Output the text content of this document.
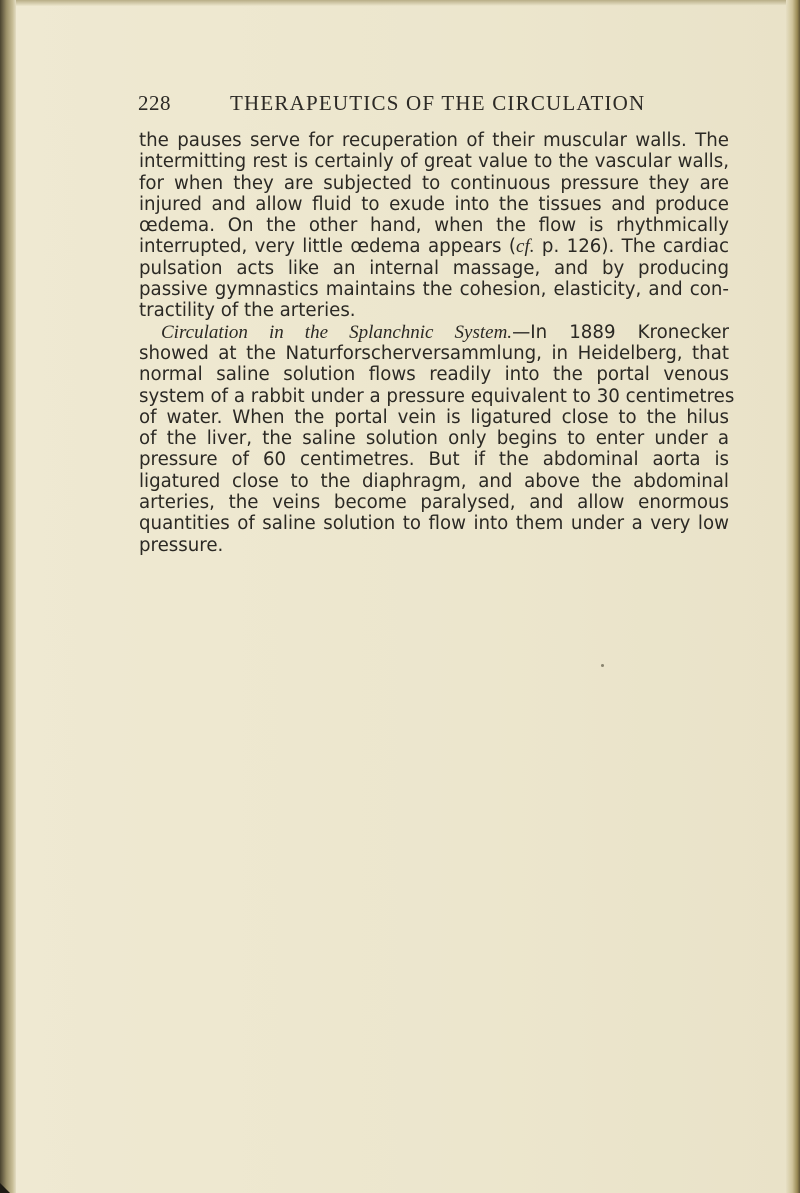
228	THERAPEUTICS OF THE CIRCULATION
the pauses serve for recuperation of their muscular walls. The
intermitting rest is certainly of great value to the vascular walls,
for when they are subjected to continuous pressure they are
injured and allow fluid to exude into the tissues and produce
œdema. On the other hand, when the flow is rhythmically
interrupted, very little œdema appears (cf. p. 126). The cardiac
pulsation acts like an internal massage, and by producing
passive gymnastics maintains the cohesion, elasticity, and con-
tractility of the arteries.
Circulation in the Splanchnic System.—In 1889 Kronecker
showed at the Naturforscherversammlung, in Heidelberg, that
normal saline solution flows readily into the portal venous
system of a rabbit under a pressure equivalent to 30 centimetres
of water. When the portal vein is ligatured close to the hilus
of the liver, the saline solution only begins to enter under a
pressure of 60 centimetres. But if the abdominal aorta is
ligatured close to the diaphragm, and above the abdominal
arteries, the veins become paralysed, and allow enormous
quantities of saline solution to flow into them under a very low
pressure.
